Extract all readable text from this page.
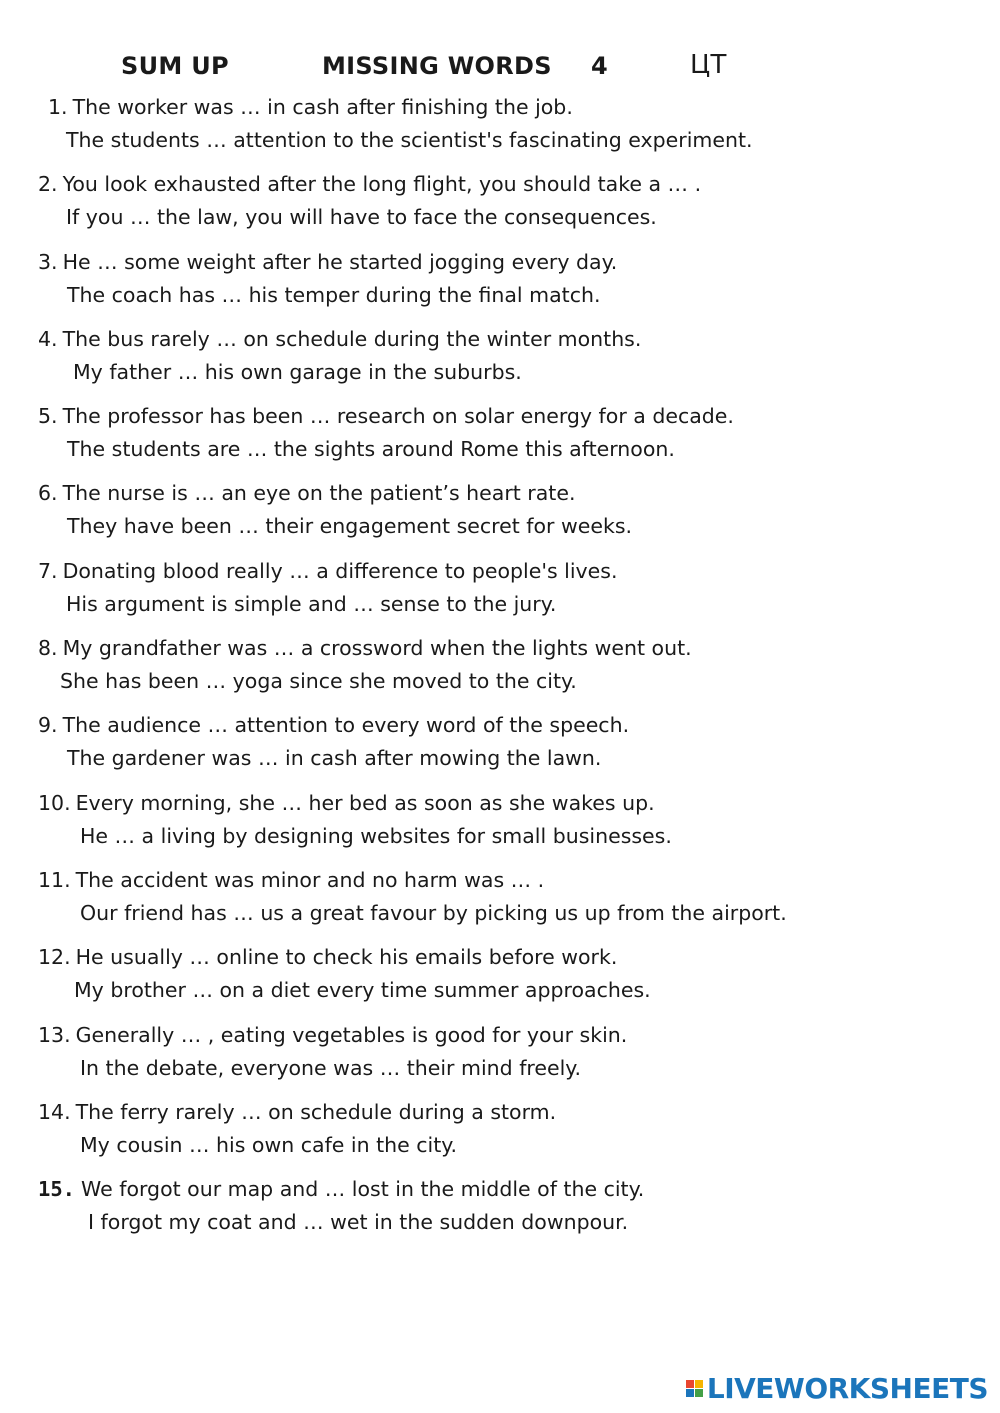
SUM UP	MISSING WORDS 4	ЦТ
1. The worker was … in cash after finishing the job.
The students … attention to the scientist's fascinating experiment.
2. You look exhausted after the long flight, you should take a … .
If you … the law, you will have to face the consequences.
3. He … some weight after he started jogging every day.
The coach has … his temper during the final match.
4. The bus rarely … on schedule during the winter months.
My father … his own garage in the suburbs.
5. The professor has been … research on solar energy for a decade.
The students are … the sights around Rome this afternoon.
6. The nurse is … an eye on the patient’s heart rate.
They have been … their engagement secret for weeks.
7. Donating blood really … a difference to people's lives.
His argument is simple and … sense to the jury.
8. My grandfather was … a crossword when the lights went out.
She has been … yoga since she moved to the city.
9. The audience … attention to every word of the speech.
The gardener was … in cash after mowing the lawn.
10. Every morning, she … her bed as soon as she wakes up.
He … a living by designing websites for small businesses.
11. The accident was minor and no harm was … .
Our friend has … us a great favour by picking us up from the airport.
12. He usually … online to check his emails before work.
My brother … on a diet every time summer approaches.
13. Generally … , eating vegetables is good for your skin.
In the debate, everyone was … their mind freely.
14. The ferry rarely … on schedule during a storm.
My cousin … his own cafe in the city.
15. We forgot our map and … lost in the middle of the city.
I forgot my coat and … wet in the sudden downpour.
LIVEWORKSHEETS
